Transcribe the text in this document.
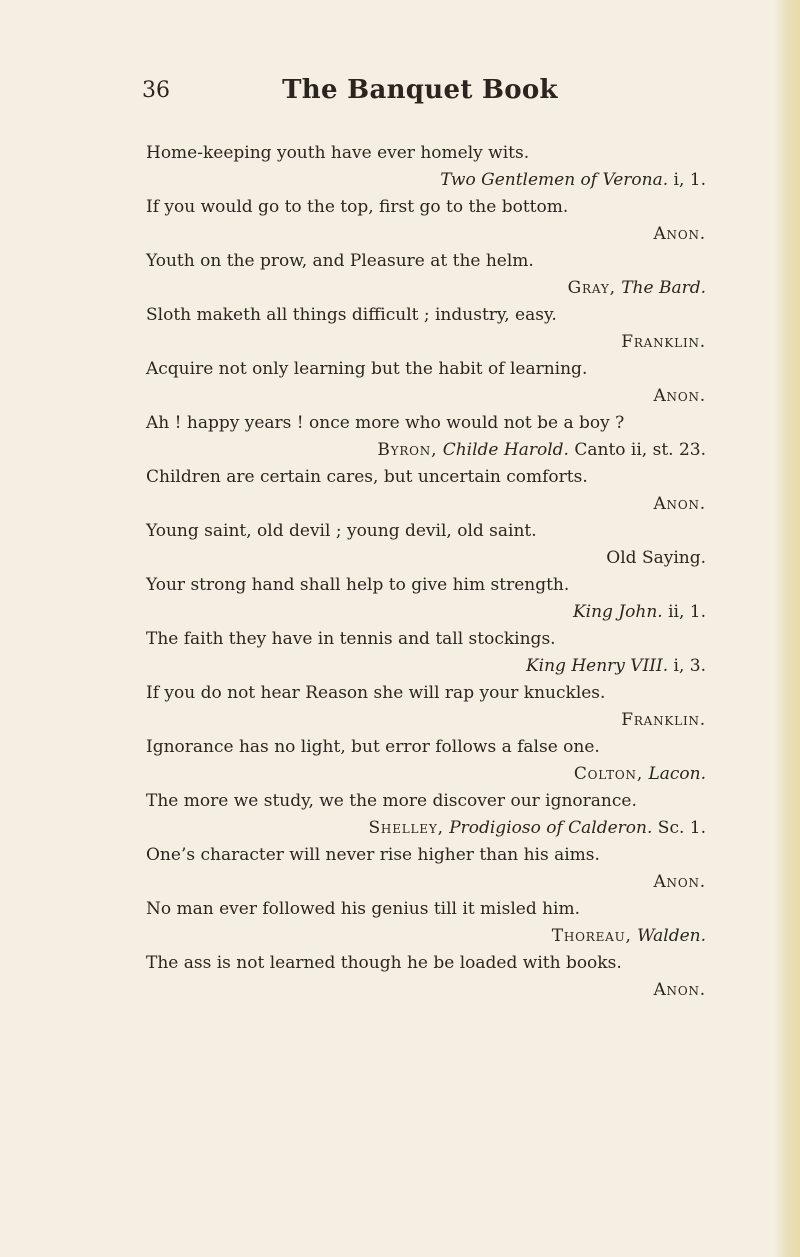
36	The Banquet Book
Home-keeping youth have ever homely wits.
Two Gentlemen of Verona. i, 1.
If you would go to the top, first go to the bottom.
Anon.
Youth on the prow, and Pleasure at the helm.
Gray, The Bard.
Sloth maketh all things difficult ; industry, easy.
Franklin.
Acquire not only learning but the habit of learning.
Anon.
Ah ! happy years ! once more who would not be a boy ?
Byron, Childe Harold. Canto ii, st. 23.
Children are certain cares, but uncertain comforts.
Anon.
Young saint, old devil ; young devil, old saint.
Old Saying.
Your strong hand shall help to give him strength.
King John. ii, 1.
The faith they have in tennis and tall stockings.
King Henry VIII. i, 3.
If you do not hear Reason she will rap your knuckles.
Franklin.
Ignorance has no light, but error follows a false one.
Colton, Lacon.
The more we study, we the more discover our ignorance.
Shelley, Prodigioso of Calderon. Sc. 1.
One’s character will never rise higher than his aims.
Anon.
No man ever followed his genius till it misled him.
Thoreau, Walden.
The ass is not learned though he be loaded with books.
Anon.
